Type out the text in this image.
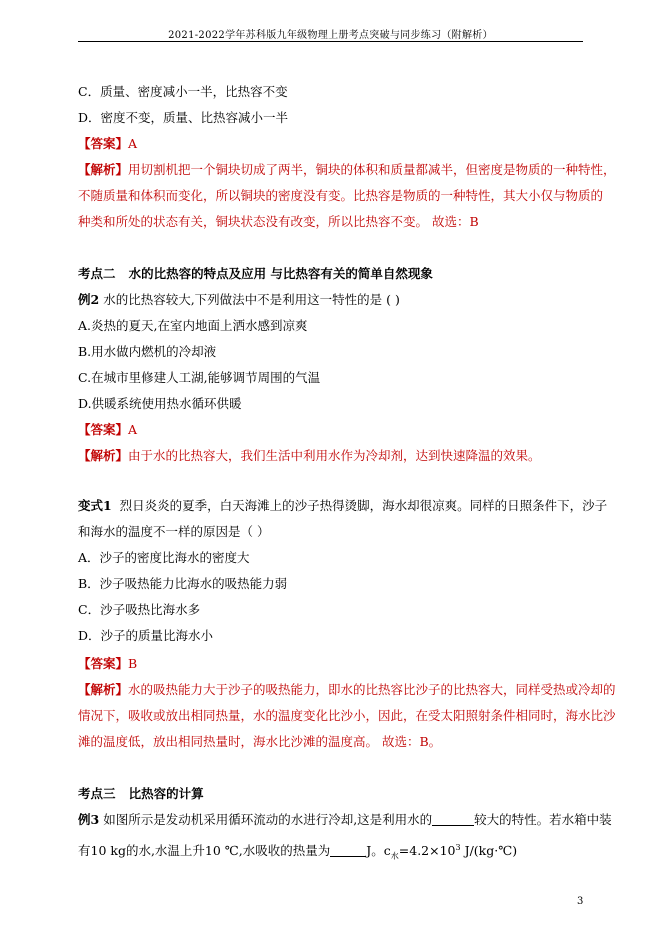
2021-2022学年苏科版九年级物理上册考点突破与同步练习（附解析）
C．质量、密度减小一半，比热容不变
D．密度不变，质量、比热容减小一半
【答案】A
【解析】用切割机把一个铜块切成了两半，铜块的体积和质量都减半，但密度是物质的一种特性，
不随质量和体积而变化，所以铜块的密度没有变。比热容是物质的一种特性，其大小仅与物质的
种类和所处的状态有关，铜块状态没有改变，所以比热容不变。 故选：B
考点二 水的比热容的特点及应用 与比热容有关的简单自然现象
例2 水的比热容较大,下列做法中不是利用这一特性的是 ( )
A.炎热的夏天,在室内地面上洒水感到凉爽
B.用水做内燃机的冷却液
C.在城市里修建人工湖,能够调节周围的气温
D.供暖系统使用热水循环供暖
【答案】A
【解析】由于水的比热容大，我们生活中利用水作为冷却剂，达到快速降温的效果。
变式1 烈日炎炎的夏季，白天海滩上的沙子热得烫脚，海水却很凉爽。同样的日照条件下，沙子
和海水的温度不一样的原因是（ ）
A．沙子的密度比海水的密度大
B．沙子吸热能力比海水的吸热能力弱
C．沙子吸热比海水多
D．沙子的质量比海水小
【答案】B
【解析】水的吸热能力大于沙子的吸热能力，即水的比热容比沙子的比热容大，同样受热或冷却的
情况下，吸收或放出相同热量，水的温度变化比沙小，因此，在受太阳照射条件相同时，海水比沙
滩的温度低，放出相同热量时，海水比沙滩的温度高。 故选：B。
考点三 比热容的计算
例3 如图所示是发动机采用循环流动的水进行冷却,这是利用水的	较大的特性。若水箱中装
有10 kg的水,水温上升10 ℃,水吸收的热量为	J。$c_水=4.2\times 10^3$ J/(kg·℃)
3
